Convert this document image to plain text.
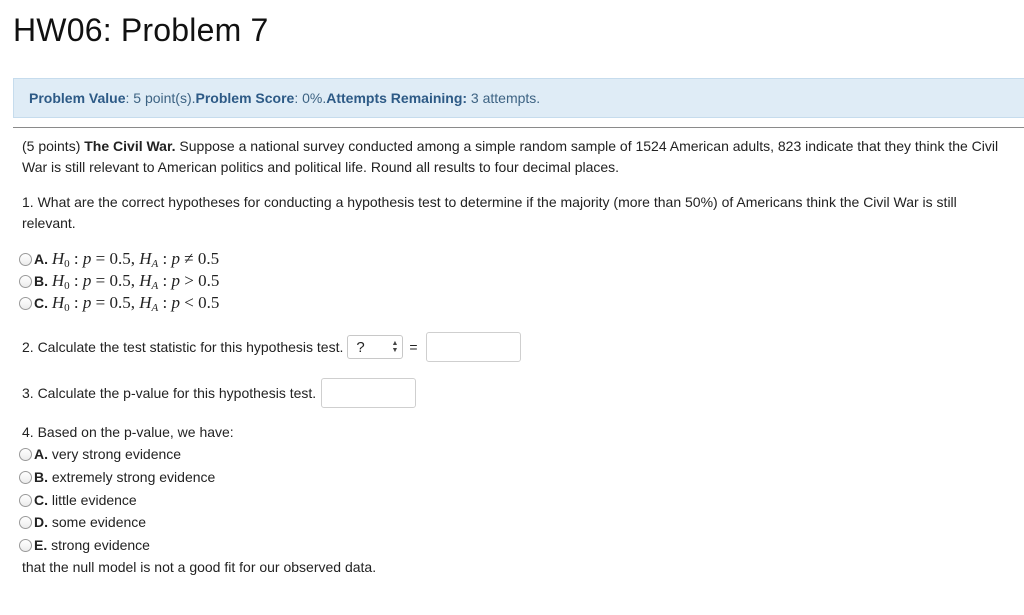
HW06: Problem 7
Problem Value: 5 point(s). Problem Score: 0%. Attempts Remaining: 3 attempts.

(5 points) The Civil War. Suppose a national survey conducted among a simple random sample of 1524 American adults, 823 indicate that they think the Civil War is still relevant to American politics and political life. Round all results to four decimal places.

1. What are the correct hypotheses for conducting a hypothesis test to determine if the majority (more than 50%) of Americans think the Civil War is still relevant.

A. $H_0$ : p = 0.5, $H_A$ : p ≠ 0.5
B. $H_0$ : p = 0.5, $H_A$ : p > 0.5
C. $H_0$ : p = 0.5, $H_A$ : p < 0.5
2. Calculate the test statistic for this hypothesis test. ?	▲
▼ =
3. Calculate the p-value for this hypothesis test.

4. Based on the p-value, we have:

A. very strong evidence
B. extremely strong evidence
C. little evidence
D. some evidence
E. strong evidence

that the null model is not a good fit for our observed data.
